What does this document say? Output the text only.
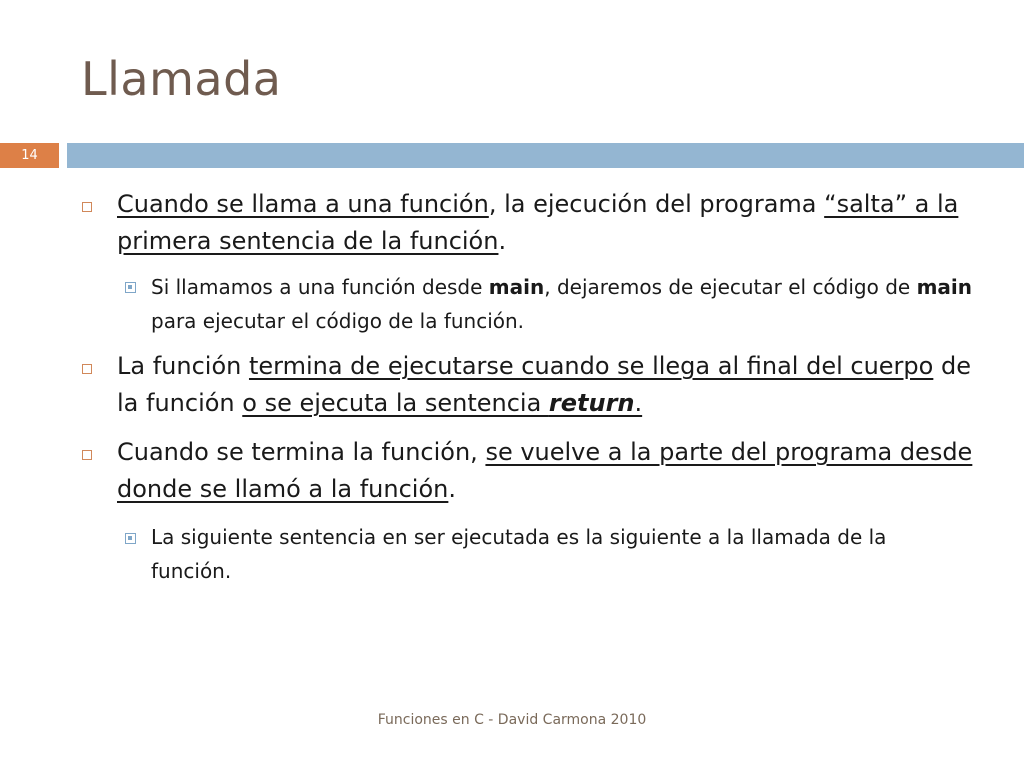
Llamada
14
Cuando se llama a una función, la ejecución del programa “salta” a la primera sentencia de la función.
Si llamamos a una función desde main, dejaremos de ejecutar el código de main para ejecutar el código de la función.
La función termina de ejecutarse cuando se llega al final del cuerpo de la función o se ejecuta la sentencia return.
Cuando se termina la función, se vuelve a la parte del programa desde donde se llamó a la función.
La siguiente sentencia en ser ejecutada es la siguiente a la llamada de la función.
Funciones en C - David Carmona 2010
